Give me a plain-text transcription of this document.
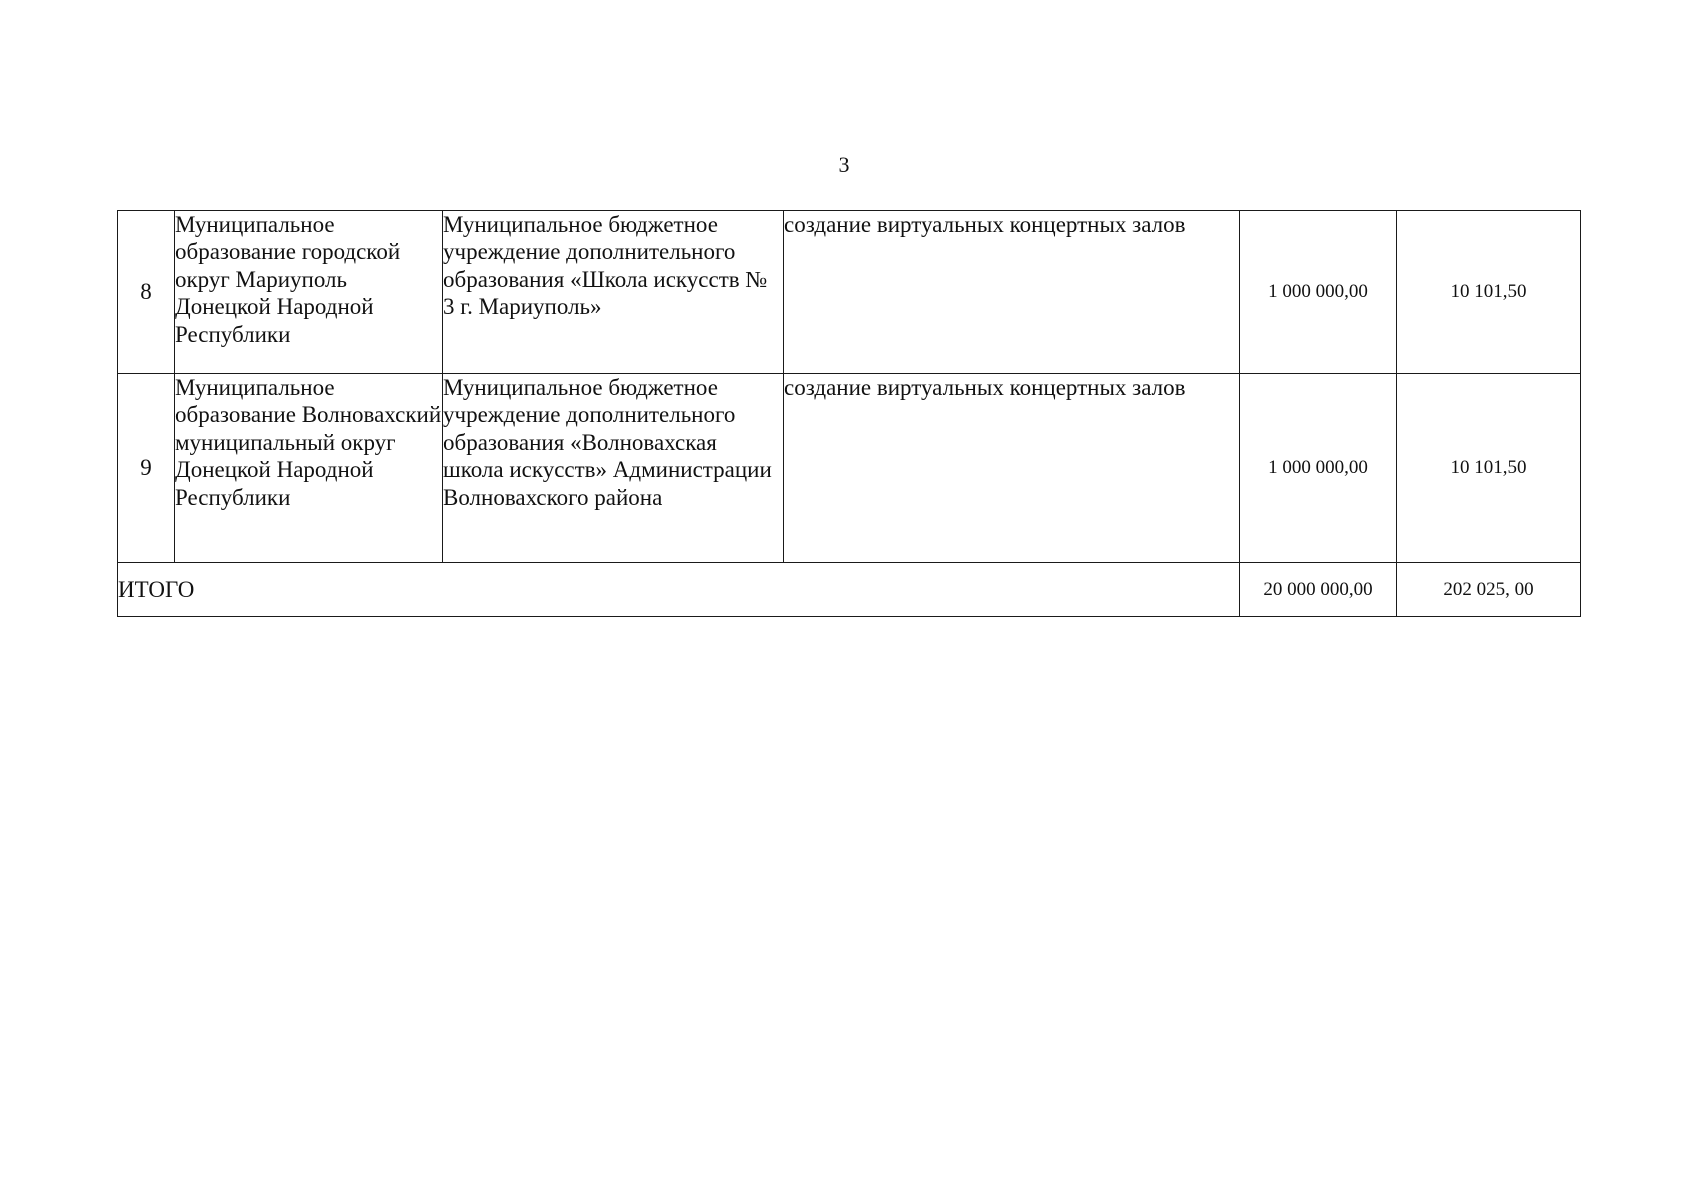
3
8	Муниципальное образование городской округ Мариуполь Донецкой Народной Республики	Муниципальное бюджетное учреждение дополнительного образования «Школа искусств № 3 г. Мариуполь»	создание виртуальных концертных залов	1 000 000,00	10 101,50
9	Муниципальное образование Волновахский муниципальный округ Донецкой Народной Республики	Муниципальное бюджетное учреждение дополнительного образования «Волновахская школа искусств» Администрации Волновахского района	создание виртуальных концертных залов	1 000 000,00	10 101,50
ИТОГО				20 000 000,00	202 025, 00
